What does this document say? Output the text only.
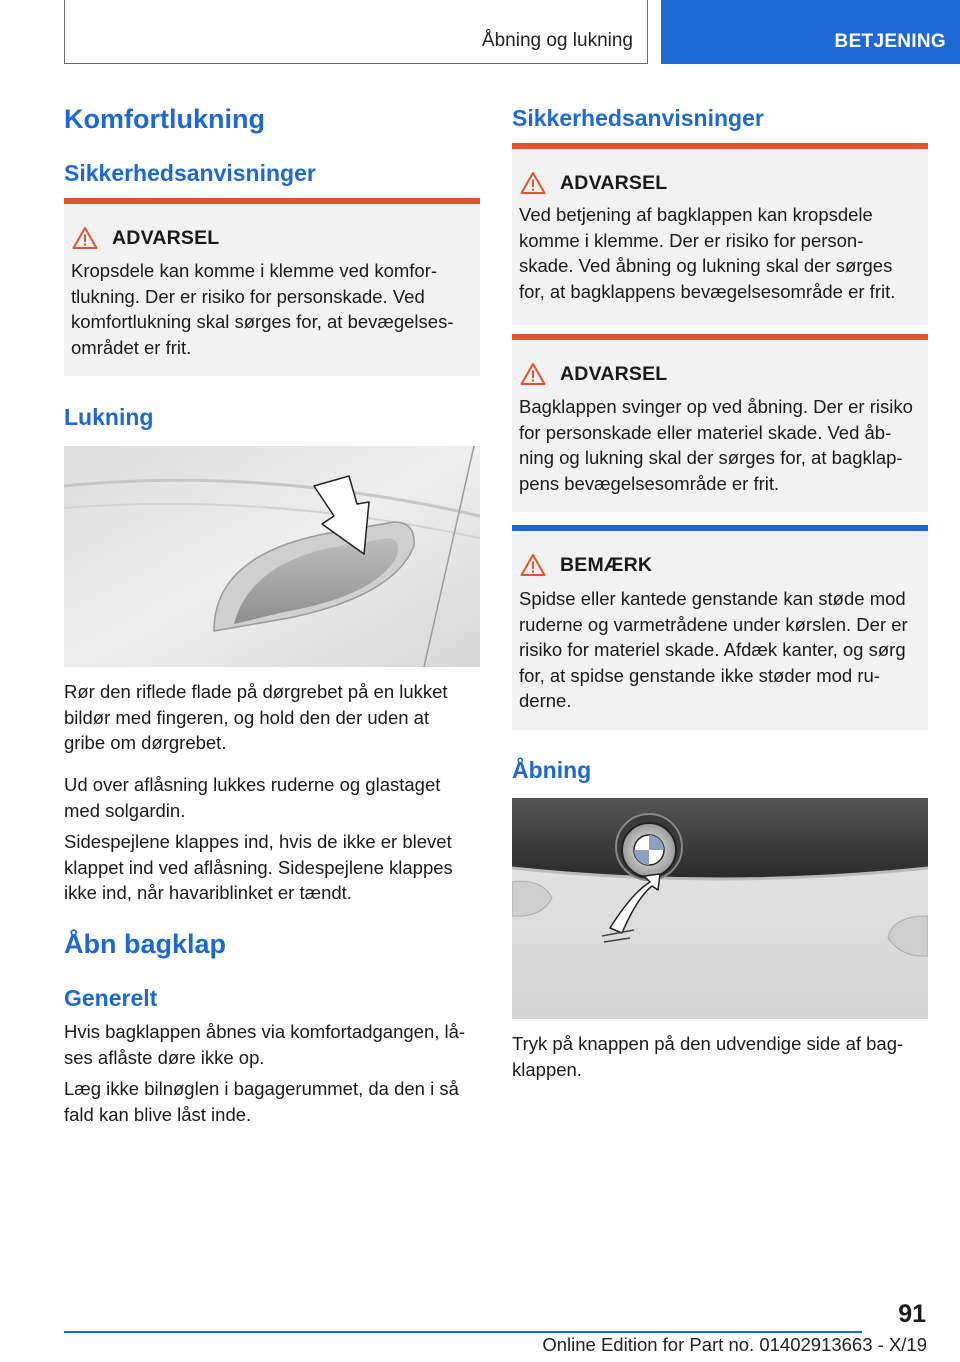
Åbning og lukning	BETJENING
Komfortlukning
Sikkerhedsanvisninger
ADVARSEL
Kropsdele kan komme i klemme ved komfor-
tlukning. Der er risiko for personskade. Ved
komfortlukning skal sørges for, at bevægelses-
området er frit.
Lukning
Rør den riflede flade på dørgrebet på en lukket
bildør med fingeren, og hold den der uden at
gribe om dørgrebet.
Ud over aflåsning lukkes ruderne og glastaget
med solgardin.
Sidespejlene klappes ind, hvis de ikke er blevet
klappet ind ved aflåsning. Sidespejlene klappes
ikke ind, når havariblinket er tændt.
Åbn bagklap
Generelt
Hvis bagklappen åbnes via komfortadgangen, lå-
ses aflåste døre ikke op.
Læg ikke bilnøglen i bagagerummet, da den i så
fald kan blive låst inde.
Sikkerhedsanvisninger
ADVARSEL
Ved betjening af bagklappen kan kropsdele
komme i klemme. Der er risiko for person-
skade. Ved åbning og lukning skal der sørges
for, at bagklappens bevægelsesområde er frit.
ADVARSEL
Bagklappen svinger op ved åbning. Der er risiko
for personskade eller materiel skade. Ved åb-
ning og lukning skal der sørges for, at bagklap-
pens bevægelsesområde er frit.
BEMÆRK
Spidse eller kantede genstande kan støde mod
ruderne og varmetrådene under kørslen. Der er
risiko for materiel skade. Afdæk kanter, og sørg
for, at spidse genstande ikke støder mod ru-
derne.
Åbning
Tryk på knappen på den udvendige side af bag-
klappen.
91
Online Edition for Part no. 01402913663 - X/19
